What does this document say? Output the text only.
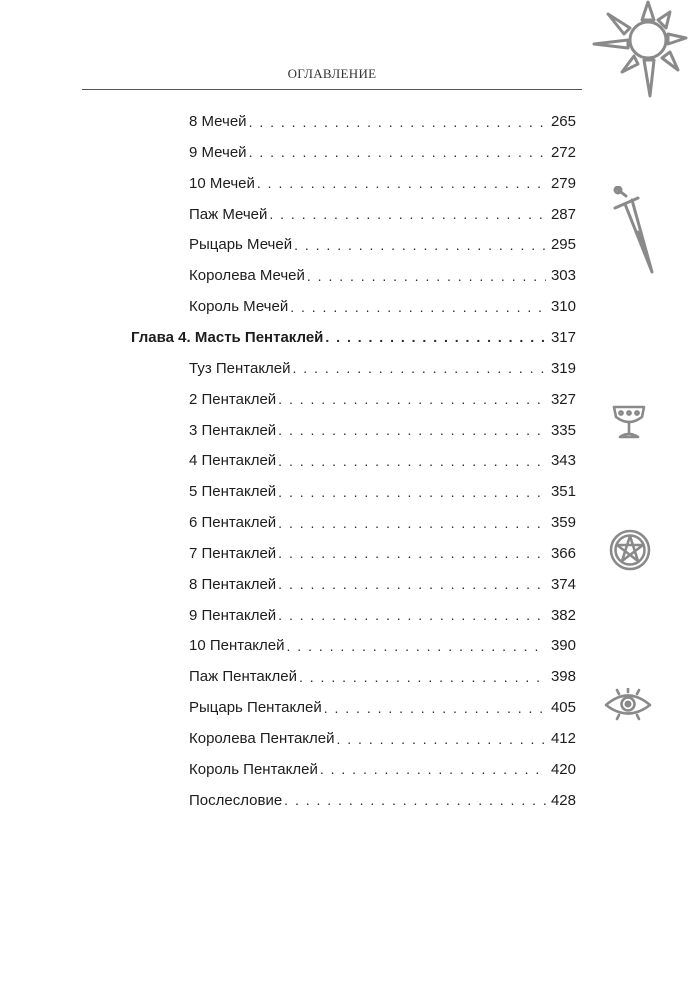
ОГЛАВЛЕНИЕ
8 Мечей . . .	265
9 Мечей . . .	272
10 Мечей . . .	279
Паж Мечей . . .	287
Рыцарь Мечей . . .	295
Королева Мечей . . .	303
Король Мечей . . .	310
Глава 4. Масть Пентаклей . . .	317
Туз Пентаклей . . .	319
2 Пентаклей . . .	327
3 Пентаклей . . .	335
4 Пентаклей . . .	343
5 Пентаклей . . .	351
6 Пентаклей . . .	359
7 Пентаклей . . .	366
8 Пентаклей . . .	374
9 Пентаклей . . .	382
10 Пентаклей . . .	390
Паж Пентаклей . . .	398
Рыцарь Пентаклей . . .	405
Королева Пентаклей . . .	412
Король Пентаклей . . .	420
Послесловие . . .	428
